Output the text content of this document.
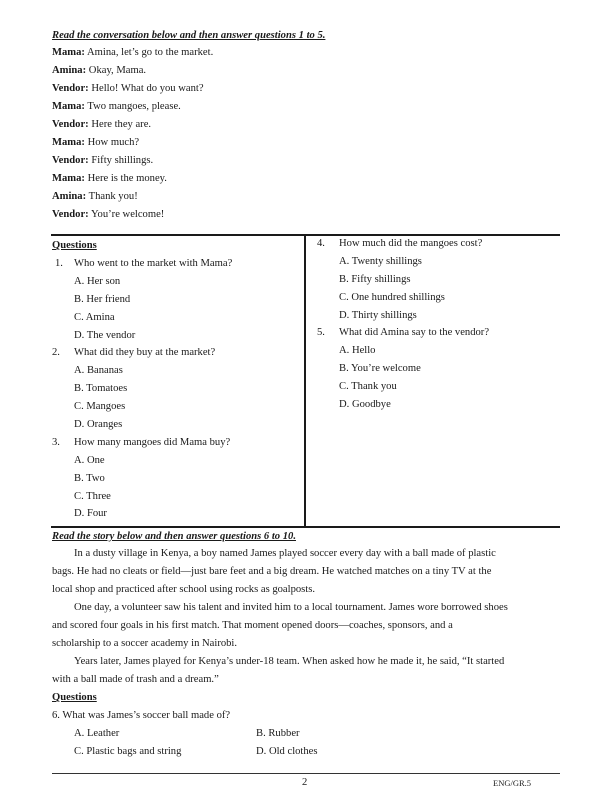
Read the conversation below and then answer questions 1 to 5.
Mama: Amina, let’s go to the market.
Amina: Okay, Mama.
Vendor: Hello! What do you want?
Mama: Two mangoes, please.
Vendor: Here they are.
Mama: How much?
Vendor: Fifty shillings.
Mama: Here is the money.
Amina: Thank you!
Vendor: You’re welcome!
Questions
1. Who went to the market with Mama?
A. Her son
B. Her friend
C. Amina
D. The vendor
2. What did they buy at the market?
A. Bananas
B. Tomatoes
C. Mangoes
D. Oranges
3. How many mangoes did Mama buy?
A. One
B. Two
C. Three
D. Four
4. How much did the mangoes cost?
A. Twenty shillings
B. Fifty shillings
C. One hundred shillings
D. Thirty shillings
5. What did Amina say to the vendor?
A. Hello
B. You’re welcome
C. Thank you
D. Goodbye
Read the story below and then answer questions 6 to 10.
In a dusty village in Kenya, a boy named James played soccer every day with a ball made of plastic
bags. He had no cleats or field—just bare feet and a big dream. He watched matches on a tiny TV at the
local shop and practiced after school using rocks as goalposts.
One day, a volunteer saw his talent and invited him to a local tournament. James wore borrowed shoes
and scored four goals in his first match. That moment opened doors—coaches, sponsors, and a
scholarship to a soccer academy in Nairobi.
Years later, James played for Kenya’s under-18 team. When asked how he made it, he said, “It started
with a ball made of trash and a dream.”
Questions
6. What was James’s soccer ball made of?
A. Leather	B. Rubber
C. Plastic bags and string	D. Old clothes
2	ENG/GR.5
